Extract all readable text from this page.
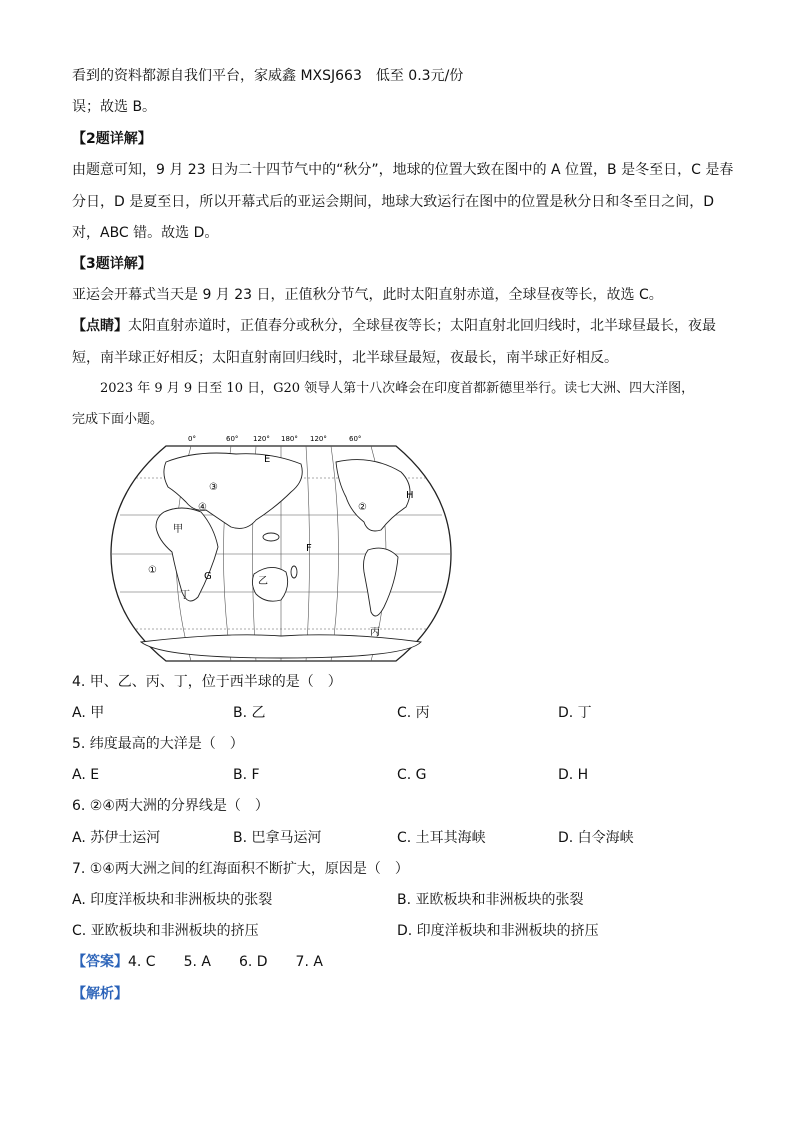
看到的资料都源自我们平台，家威鑫 MXSJ663　低至 0.3元/份
误；故选 B。
【2题详解】
由题意可知，9 月 23 日为二十四节气中的“秋分”，地球的位置大致在图中的 A 位置，B 是冬至日，C 是春
分日，D 是夏至日，所以开幕式后的亚运会期间，地球大致运行在图中的位置是秋分日和冬至日之间，D
对，ABC 错。故选 D。
【3题详解】
亚运会开幕式当天是 9 月 23 日，正值秋分节气，此时太阳直射赤道，全球昼夜等长，故选 C。
【点睛】太阳直射赤道时，正值春分或秋分，全球昼夜等长；太阳直射北回归线时，北半球昼最长，夜最
短，南半球正好相反；太阳直射南回归线时，北半球昼最短，夜最长，南半球正好相反。
2023 年 9 月 9 日至 10 日，G20 领导人第十八次峰会在印度首都新德里举行。读七大洲、四大洋图，
完成下面小题。
0°	60° 120° 180° 120°	60°
E
F
G
H
①
②
③
④
甲
乙
丙
丁
4. 甲、乙、丙、丁，位于西半球的是（　）
A. 甲	B. 乙	C. 丙	D. 丁
5. 纬度最高的大洋是（　）
A. E	B. F	C. G	D. H
6. ②④两大洲的分界线是（　）
A. 苏伊士运河	B. 巴拿马运河	C. 土耳其海峡	D. 白令海峡
7. ①④两大洲之间的红海面积不断扩大，原因是（　）
A. 印度洋板块和非洲板块的张裂	B. 亚欧板块和非洲板块的张裂
C. 亚欧板块和非洲板块的挤压	D. 印度洋板块和非洲板块的挤压
【答案】4. C　　5. A　　6. D　　7. A
【解析】
